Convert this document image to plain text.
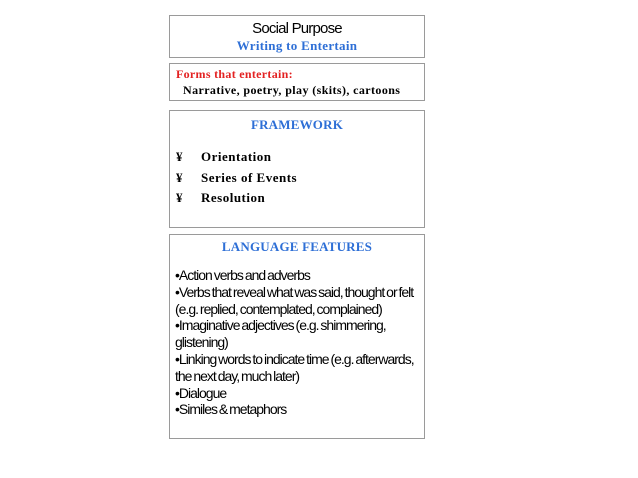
Social Purpose
Writing to Entertain
Forms that entertain:
Narrative, poetry, play (skits), cartoons
FRAMEWORK
¥ Orientation
¥ Series of Events
¥ Resolution
LANGUAGE FEATURES
•Action verbs and adverbs
•Verbs that reveal what was said, thought or felt (e.g. replied, contemplated, complained)
•Imaginative adjectives (e.g. shimmering, glistening)
•Linking words to indicate time (e.g. afterwards, the next day, much later)
•Dialogue
•Similes & metaphors
